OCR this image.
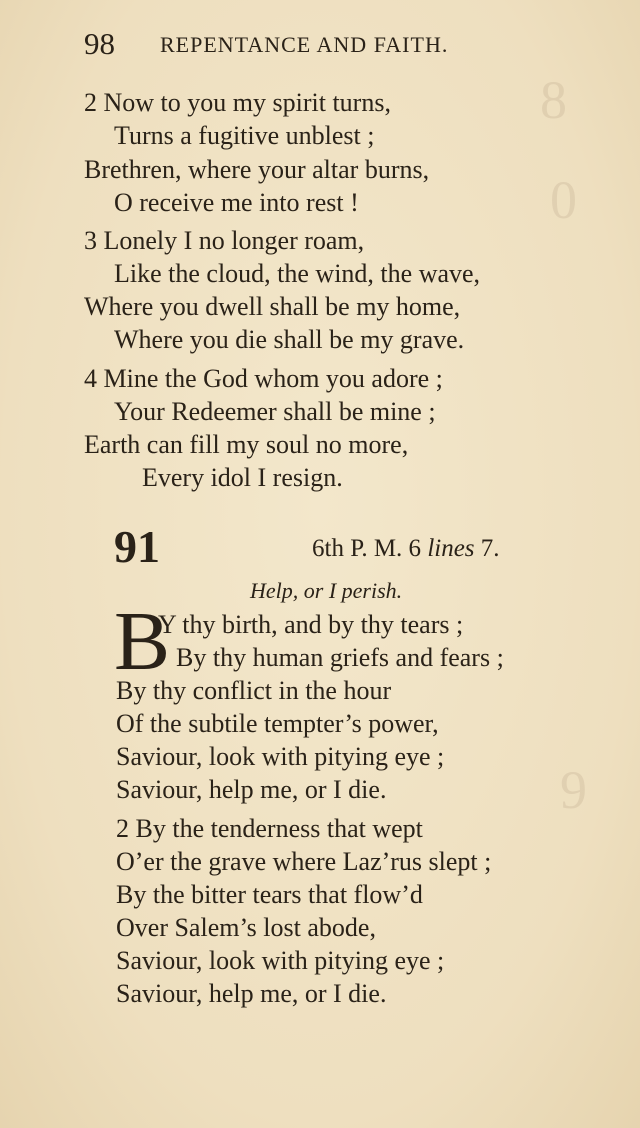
8
0
9
98 REPENTANCE AND FAITH.
2 Now to you my spirit turns,
Turns a fugitive unblest ;
Brethren, where your altar burns,
O receive me into rest !
3 Lonely I no longer roam,
Like the cloud, the wind, the wave,
Where you dwell shall be my home,
Where you die shall be my grave.
4 Mine the God whom you adore ;
Your Redeemer shall be mine ;
Earth can fill my soul no more,
Every idol I resign.
91	6th P. M. 6 lines 7.
Help, or I perish.
B
Y thy birth, and by thy tears ;
By thy human griefs and fears ;
By thy conflict in the hour
Of the subtile tempter’s power,
Saviour, look with pitying eye ;
Saviour, help me, or I die.
2 By the tenderness that wept
O’er the grave where Laz’rus slept ;
By the bitter tears that flow’d
Over Salem’s lost abode,
Saviour, look with pitying eye ;
Saviour, help me, or I die.
